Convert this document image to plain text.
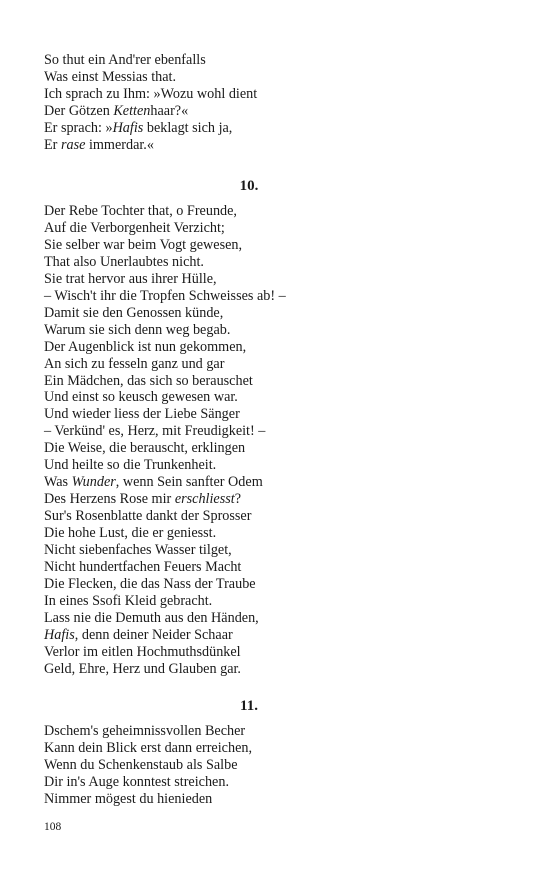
So thut ein And'rer ebenfalls
Was einst Messias that.
Ich sprach zu Ihm: »Wozu wohl dient
Der Götzen Kettenhaar?«
Er sprach: »Hafis beklagt sich ja,
Er rase immerdar.«
10.
Der Rebe Tochter that, o Freunde,
Auf die Verborgenheit Verzicht;
Sie selber war beim Vogt gewesen,
That also Unerlaubtes nicht.
Sie trat hervor aus ihrer Hülle,
– Wisch't ihr die Tropfen Schweisses ab! –
Damit sie den Genossen künde,
Warum sie sich denn weg begab.
Der Augenblick ist nun gekommen,
An sich zu fesseln ganz und gar
Ein Mädchen, das sich so berauschet
Und einst so keusch gewesen war.
Und wieder liess der Liebe Sänger
– Verkünd' es, Herz, mit Freudigkeit! –
Die Weise, die berauscht, erklingen
Und heilte so die Trunkenheit.
Was Wunder, wenn Sein sanfter Odem
Des Herzens Rose mir erschliesst?
Sur's Rosenblatte dankt der Sprosser
Die hohe Lust, die er geniesst.
Nicht siebenfaches Wasser tilget,
Nicht hundertfachen Feuers Macht
Die Flecken, die das Nass der Traube
In eines Ssofi Kleid gebracht.
Lass nie die Demuth aus den Händen,
Hafis, denn deiner Neider Schaar
Verlor im eitlen Hochmuthsdünkel
Geld, Ehre, Herz und Glauben gar.
11.
Dschem's geheimnissvollen Becher
Kann dein Blick erst dann erreichen,
Wenn du Schenkenstaub als Salbe
Dir in's Auge konntest streichen.
Nimmer mögest du hienieden
108
